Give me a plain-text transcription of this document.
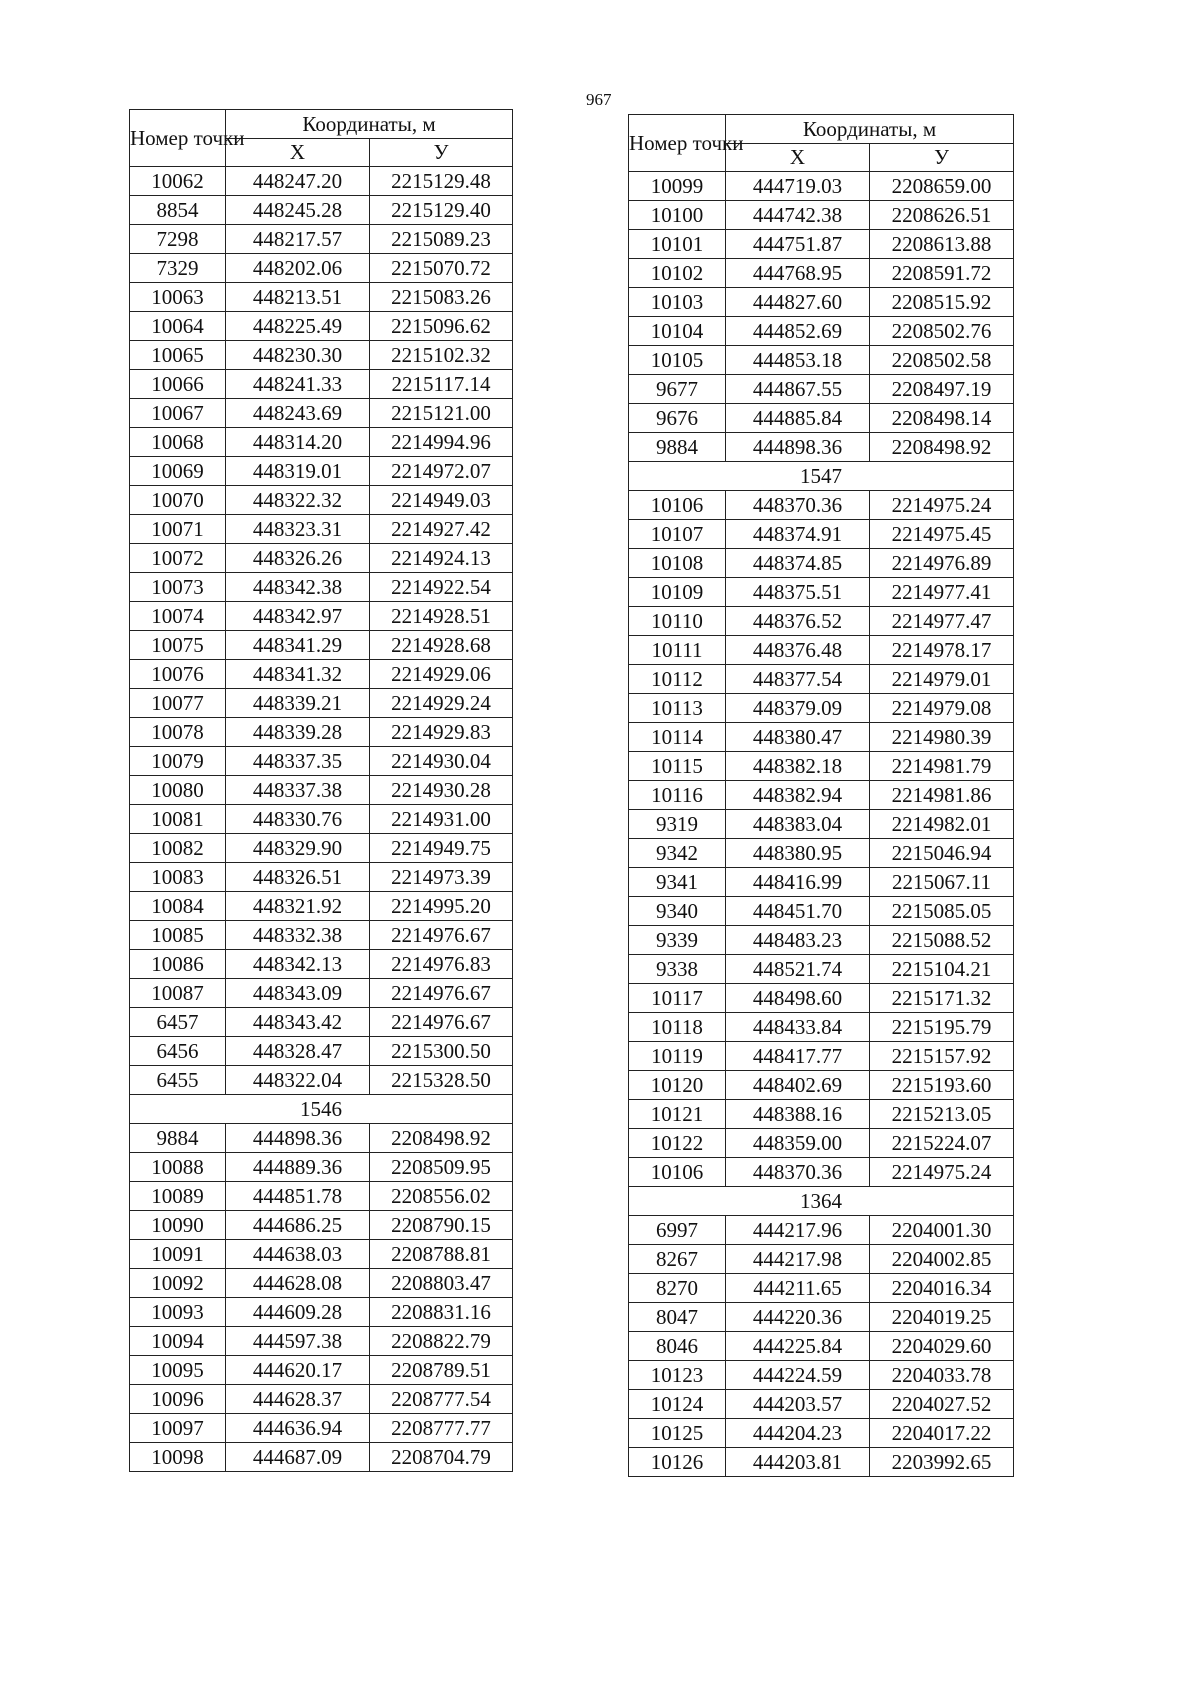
967
Номер точки	Координаты, м	
	X	У
10062	448247.20	2215129.48
8854	448245.28	2215129.40
7298	448217.57	2215089.23
7329	448202.06	2215070.72
10063	448213.51	2215083.26
10064	448225.49	2215096.62
10065	448230.30	2215102.32
10066	448241.33	2215117.14
10067	448243.69	2215121.00
10068	448314.20	2214994.96
10069	448319.01	2214972.07
10070	448322.32	2214949.03
10071	448323.31	2214927.42
10072	448326.26	2214924.13
10073	448342.38	2214922.54
10074	448342.97	2214928.51
10075	448341.29	2214928.68
10076	448341.32	2214929.06
10077	448339.21	2214929.24
10078	448339.28	2214929.83
10079	448337.35	2214930.04
10080	448337.38	2214930.28
10081	448330.76	2214931.00
10082	448329.90	2214949.75
10083	448326.51	2214973.39
10084	448321.92	2214995.20
10085	448332.38	2214976.67
10086	448342.13	2214976.83
10087	448343.09	2214976.67
6457	448343.42	2214976.67
6456	448328.47	2215300.50
6455	448322.04	2215328.50
1546		
9884	444898.36	2208498.92
10088	444889.36	2208509.95
10089	444851.78	2208556.02
10090	444686.25	2208790.15
10091	444638.03	2208788.81
10092	444628.08	2208803.47
10093	444609.28	2208831.16
10094	444597.38	2208822.79
10095	444620.17	2208789.51
10096	444628.37	2208777.54
10097	444636.94	2208777.77
10098	444687.09	2208704.79
Номер точки	Координаты, м	
	X	У
10099	444719.03	2208659.00
10100	444742.38	2208626.51
10101	444751.87	2208613.88
10102	444768.95	2208591.72
10103	444827.60	2208515.92
10104	444852.69	2208502.76
10105	444853.18	2208502.58
9677	444867.55	2208497.19
9676	444885.84	2208498.14
9884	444898.36	2208498.92
1547		
10106	448370.36	2214975.24
10107	448374.91	2214975.45
10108	448374.85	2214976.89
10109	448375.51	2214977.41
10110	448376.52	2214977.47
10111	448376.48	2214978.17
10112	448377.54	2214979.01
10113	448379.09	2214979.08
10114	448380.47	2214980.39
10115	448382.18	2214981.79
10116	448382.94	2214981.86
9319	448383.04	2214982.01
9342	448380.95	2215046.94
9341	448416.99	2215067.11
9340	448451.70	2215085.05
9339	448483.23	2215088.52
9338	448521.74	2215104.21
10117	448498.60	2215171.32
10118	448433.84	2215195.79
10119	448417.77	2215157.92
10120	448402.69	2215193.60
10121	448388.16	2215213.05
10122	448359.00	2215224.07
10106	448370.36	2214975.24
1364		
6997	444217.96	2204001.30
8267	444217.98	2204002.85
8270	444211.65	2204016.34
8047	444220.36	2204019.25
8046	444225.84	2204029.60
10123	444224.59	2204033.78
10124	444203.57	2204027.52
10125	444204.23	2204017.22
10126	444203.81	2203992.65
